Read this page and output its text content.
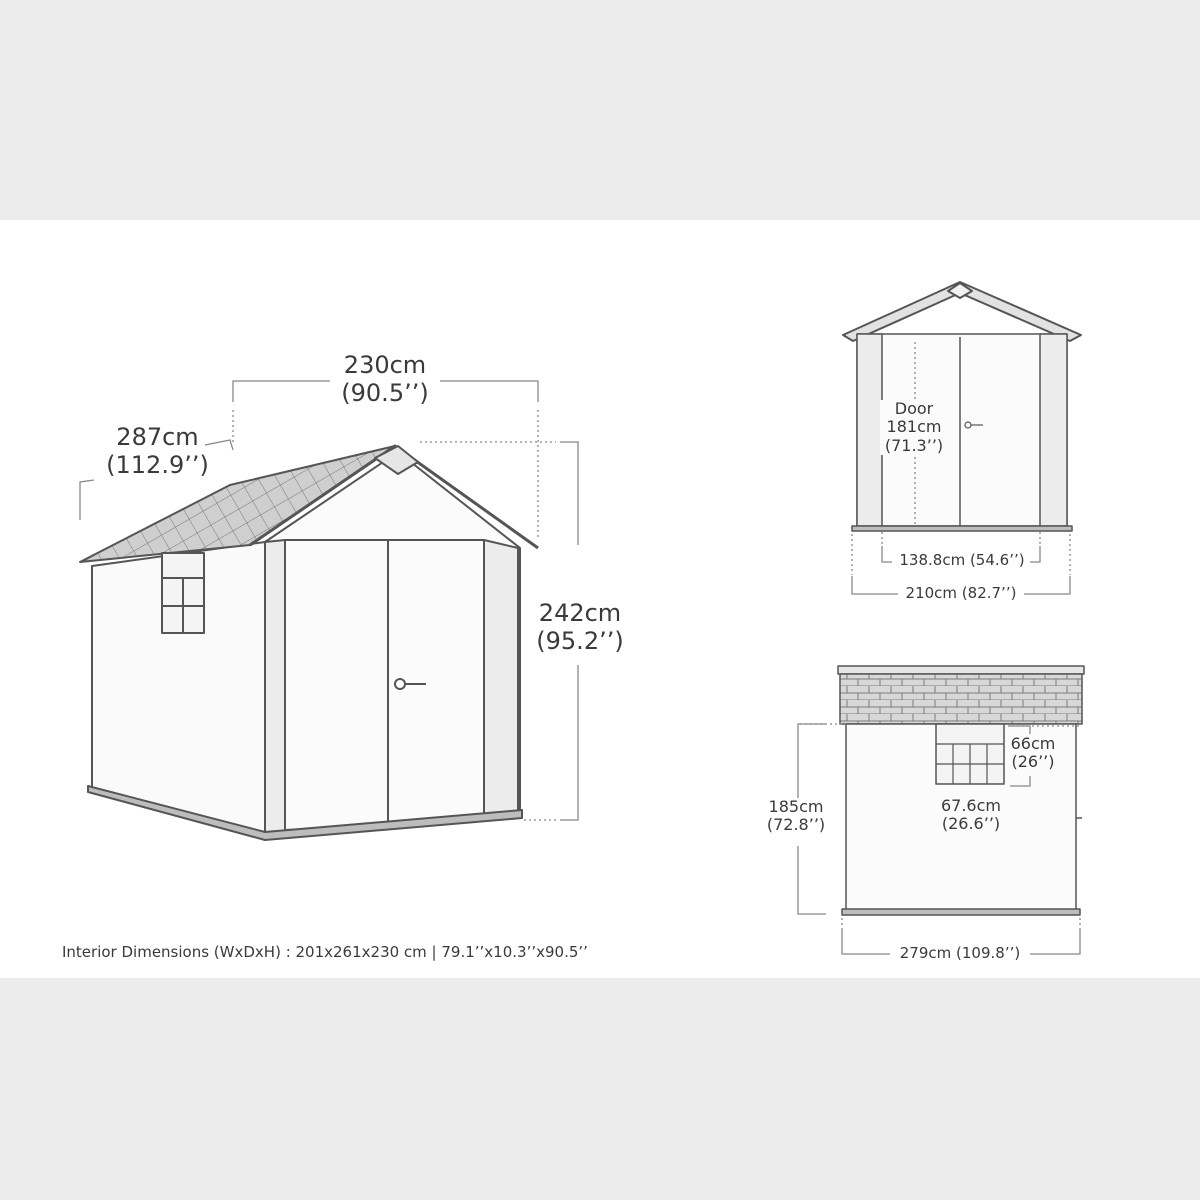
230cm
(90.5’’)
287cm
(112.9’’)
242cm
(95.2’’)
Door
181cm
(71.3’’)
138.8cm (54.6’’)
210cm (82.7’’)
66cm
(26’’)
67.6cm
(26.6’’)
185cm
(72.8’’)
279cm (109.8’’)
Interior Dimensions (WxDxH) : 201x261x230 cm | 79.1’’x10.3’’x90.5’’
